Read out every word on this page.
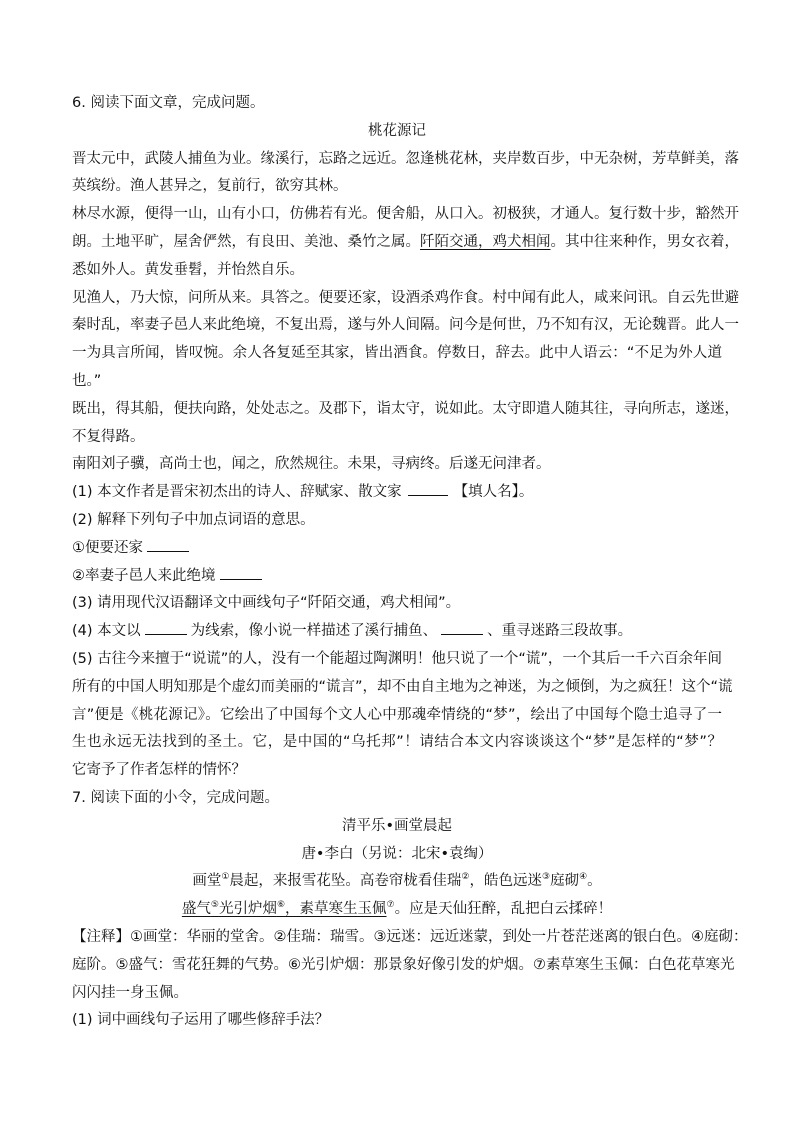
6. 阅读下面文章，完成问题。
桃花源记
晋太元中，武陵人捕鱼为业。缘溪行，忘路之远近。忽逢桃花林，夹岸数百步，中无杂树，芳草鲜美，落
英缤纷。渔人甚异之，复前行，欲穷其林。
林尽水源，便得一山，山有小口，仿佛若有光。便舍船，从口入。初极狭，才通人。复行数十步，豁然开
朗。土地平旷，屋舍俨然，有良田、美池、桑竹之属。阡陌交通，鸡犬相闻。其中往来种作，男女衣着，
悉如外人。黄发垂髫，并怡然自乐。
见渔人，乃大惊，问所从来。具答之。便要还家，设酒杀鸡作食。村中闻有此人，咸来问讯。自云先世避
秦时乱，率妻子邑人来此绝境，不复出焉，遂与外人间隔。问今是何世，乃不知有汉，无论魏晋。此人一
一为具言所闻，皆叹惋。余人各复延至其家，皆出酒食。停数日，辞去。此中人语云：“不足为外人道
也。”
既出，得其船，便扶向路，处处志之。及郡下，诣太守，说如此。太守即遣人随其往，寻向所志，遂迷，
不复得路。
南阳刘子骥，高尚士也，闻之，欣然规往。未果，寻病终。后遂无问津者。
(1) 本文作者是晋宋初杰出的诗人、辞赋家、散文家	【填人名】。
(2) 解释下列句子中加点词语的意思。
①便要还家
②率妻子邑人来此绝境
(3) 请用现代汉语翻译文中画线句子“阡陌交通，鸡犬相闻”。
(4) 本文以	为线索，像小说一样描述了溪行捕鱼、	、重寻迷路三段故事。
(5) 古往今来擅于“说谎”的人，没有一个能超过陶渊明！他只说了一个“谎”，一个其后一千六百余年间
所有的中国人明知那是个虚幻而美丽的“谎言”，却不由自主地为之神迷，为之倾倒，为之疯狂！这个“谎
言”便是《桃花源记》。它绘出了中国每个文人心中那魂牵情绕的“梦”，绘出了中国每个隐士追寻了一
生也永远无法找到的圣土。它，是中国的“乌托邦”！请结合本文内容谈谈这个“梦”是怎样的“梦”？
它寄予了作者怎样的情怀？
7. 阅读下面的小令，完成问题。
清平乐•画堂晨起
唐•李白（另说：北宋•袁绹）
画堂①晨起，来报雪花坠。高卷帘栊看佳瑞②，皓色远迷③庭砌④。
盛气⑤光引炉烟⑥，素草寒生玉佩⑦。应是天仙狂醉，乱把白云揉碎！
【注释】①画堂：华丽的堂舍。②佳瑞：瑞雪。③远迷：远近迷蒙，到处一片苍茫迷离的银白色。④庭砌：
庭阶。⑤盛气：雪花狂舞的气势。⑥光引炉烟：那景象好像引发的炉烟。⑦素草寒生玉佩：白色花草寒光
闪闪挂一身玉佩。
(1) 词中画线句子运用了哪些修辞手法？
